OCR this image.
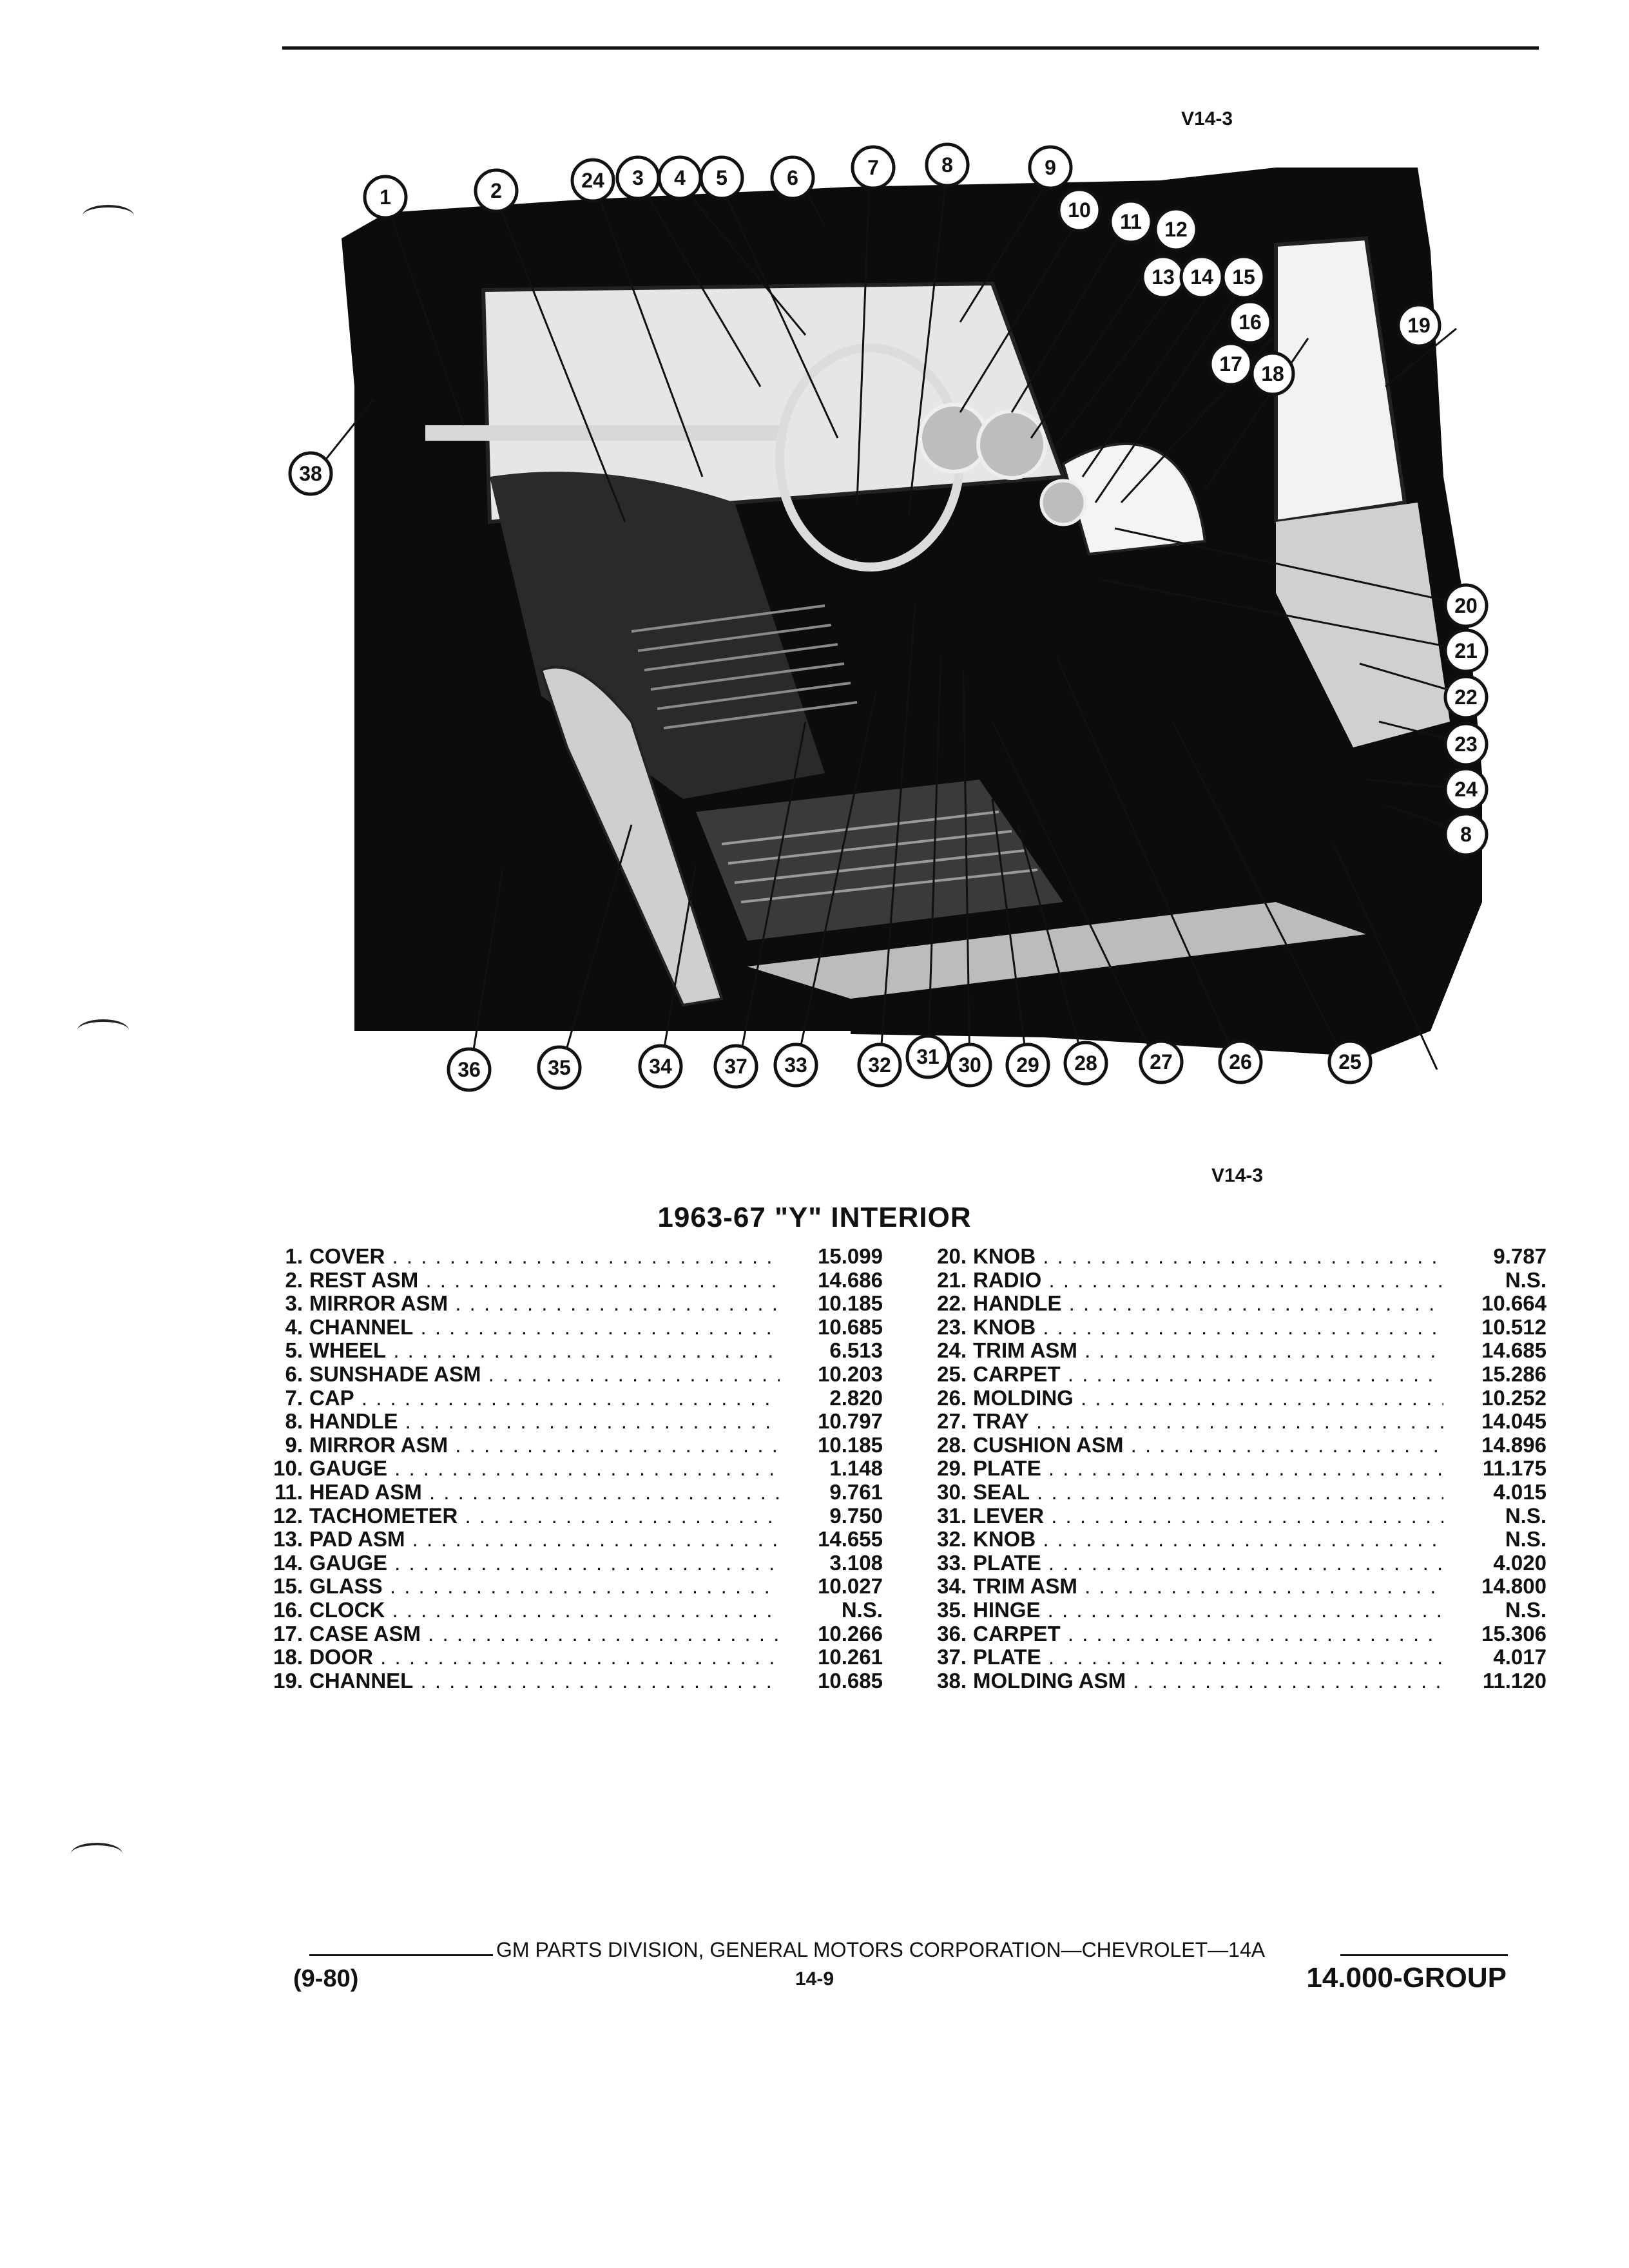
V14-3
1	2	24 3 4 5	6	7	8	9
10 11 12
13 14 15
16
17 18
19
38
20
21
22
23
24
8
36	35	34	37 33	32 31 30 29 28	27	26	25
V14-3
1963-67 "Y" INTERIOR
1. COVER . . .	15.099
2. REST ASM . . .	14.686
3. MIRROR ASM . . .	10.185
4. CHANNEL . . .	10.685
5. WHEEL . . .	6.513
6. SUNSHADE ASM . . .	10.203
7. CAP . . .	2.820
8. HANDLE . . .	10.797
9. MIRROR ASM . . .	10.185
10. GAUGE . . .	1.148
11. HEAD ASM . . .	9.761
12. TACHOMETER . . .	9.750
13. PAD ASM . . .	14.655
14. GAUGE . . .	3.108
15. GLASS . . .	10.027
16. CLOCK . . .	N.S.
17. CASE ASM . . .	10.266
18. DOOR . . .	10.261
19. CHANNEL . . .	10.685
20. KNOB . . .	9.787
21. RADIO . . .	N.S.
22. HANDLE . . .	10.664
23. KNOB . . .	10.512
24. TRIM ASM . . .	14.685
25. CARPET . . .	15.286
26. MOLDING . . .	10.252
27. TRAY . . .	14.045
28. CUSHION ASM . . .	14.896
29. PLATE . . .	11.175
30. SEAL . . .	4.015
31. LEVER . . .	N.S.
32. KNOB . . .	N.S.
33. PLATE . . .	4.020
34. TRIM ASM . . .	14.800
35. HINGE . . .	N.S.
36. CARPET . . .	15.306
37. PLATE . . .	4.017
38. MOLDING ASM . . .	11.120
GM PARTS DIVISION, GENERAL MOTORS CORPORATION—CHEVROLET—14A
(9-80)	14-9	14.000-GROUP
